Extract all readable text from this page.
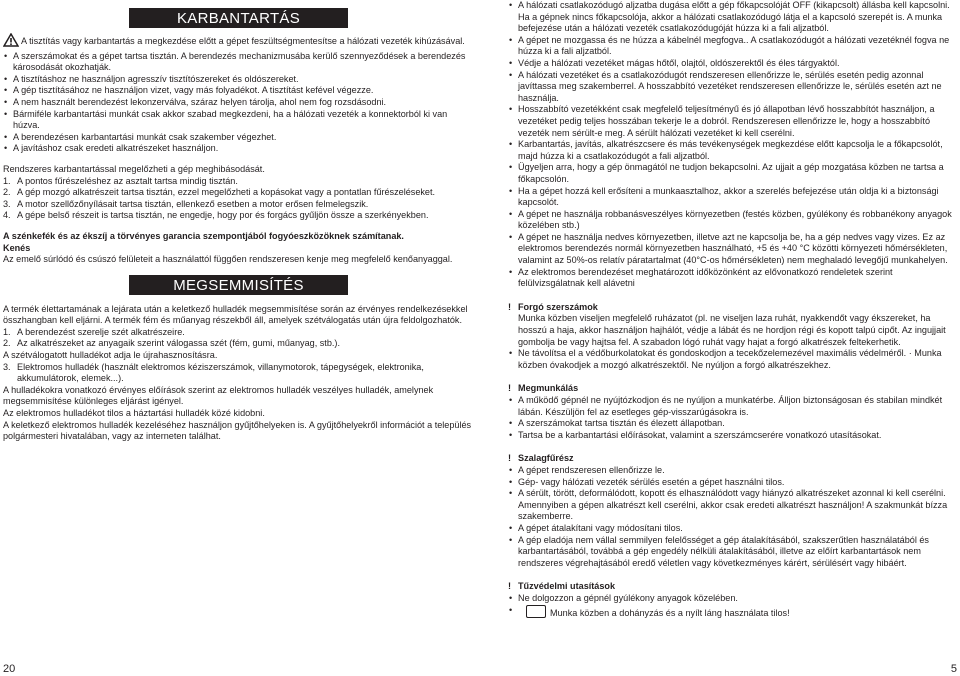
KARBANTARTÁS
A tisztítás vagy karbantartás a megkezdése előtt a gépet feszültségmentesítse a hálózati vezeték kihúzásával.
• A szerszámokat és a gépet tartsa tisztán. A berendezés mechanizmusába kerülő szennyeződések a berendezés károsodását okozhatják.
• A tisztításhoz ne használjon agresszív tisztítószereket és oldószereket.
• A gép tisztításához ne használjon vizet, vagy más folyadékot. A tisztítást kefével végezze.
• A nem használt berendezést lekonzerválva, száraz helyen tárolja, ahol nem fog rozsdásodni.
• Bármiféle karbantartási munkát csak akkor szabad megkezdeni, ha a hálózati vezeték a konnektorból ki van húzva.
• A berendezésen karbantartási munkát csak szakember végezhet.
• A javításhoz csak eredeti alkatrészeket használjon.

Rendszeres karbantartással megelőzheti a gép meghibásodását.

1. A pontos fűrészeléshez az asztalt tartsa mindig tisztán.
2. A gép mozgó alkatrészeit tartsa tisztán, ezzel megelőzheti a kopásokat vagy a pontatlan fűrészeléseket.
3. A motor szellőzőnyílásait tartsa tisztán, ellenkező esetben a motor erősen felmelegszik.
4. A gépe belső részeit is tartsa tisztán, ne engedje, hogy por és forgács gyűljön össze a szerkényekben.

A szénkefék és az ékszíj a törvényes garancia szempontjából fogyóeszközöknek számítanak.

Kenés

Az emelő súrlódó és csúszó felületeit a használattól függően rendszeresen kenje meg megfelelő kenőanyaggal.

MEGSEMMISÍTÉS

A termék élettartamának a lejárata után a keletkező hulladék megsemmisítése során az érvényes rendelkezésekkel összhangban kell eljárni. A termék fém és műanyag részekből áll, amelyek szétválogatás után újra feldolgozhatók.

1. A berendezést szerelje szét alkatrészeire.
2. Az alkatrészeket az anyagaik szerint válogassa szét (fém, gumi, műanyag, stb.).

A szétválogatott hulladékot adja le újrahasznosításra.

3. Elektromos hulladék (használt elektromos kéziszerszámok, villanymotorok, tápegységek, elektronika, akkumulátorok, elemek...).

A hulladékokra vonatkozó érvényes előírások szerint az elektromos hulladék veszélyes hulladék, amelynek megsemmisítése különleges eljárást igényel.

Az elektromos hulladékot tilos a háztartási hulladék közé kidobni.

A keletkező elektromos hulladék kezeléséhez használjon gyűjtőhelyeken is. A gyűjtőhelyekről információt a település polgármesteri hivatalában, vagy az interneten találhat.

20
• A hálózati csatlakozódugó aljzatba dugása előtt a gép főkapcsolóját OFF (kikapcsolt) állásba kell kapcsolni. Ha a gépnek nincs főkapcsolója, akkor a hálózati csatlakozódugó látja el a kapcsoló szerepét is. A munka befejezése után a hálózati vezeték csatlakozódugóját húzza ki a fali aljzatból.
• A gépet ne mozgassa és ne húzza a kábelnél megfogva.. A csatlakozódugót a hálózati vezetéknél fogva ne húzza ki a fali aljzatból.
• Védje a hálózati vezetéket mágas hőtől, olajtól, oldószerektől és éles tárgyaktól.
• A hálózati vezetéket és a csatlakozódugót rendszeresen ellenőrizze le, sérülés esetén pedig azonnal javíttassa meg szakemberrel. A hosszabbító vezetéket rendszeresen ellenőrizze le, sérülés esetén azt ne használja.
• Hosszabbító vezetékként csak megfelelő teljesítményű és jó állapotban lévő hosszabbítót használjon, a vezetéket pedig teljes hosszában tekerje le a dobról. Rendszeresen ellenőrizze le, hogy a hosszabbító vezeték nem sérült-e meg. A sérült hálózati vezetéket ki kell cserélni.
• Karbantartás, javítás, alkatrészcsere és más tevékenységek megkezdése előtt kapcsolja le a főkapcsolót, majd húzza ki a csatlakozódugót a fali aljzatból.
• Ügyeljen arra, hogy a gép önmagától ne tudjon bekapcsolni. Az ujjait a gép mozgatása közben ne tartsa a főkapcsolón.
• Ha a gépet hozzá kell erősíteni a munkaasztalhoz, akkor a szerelés befejezése után oldja ki a biztonsági kapcsolót.
• A gépet ne használja robbanásveszélyes környezetben (festés közben, gyúlékony és robbanékony anyagok közelében stb.)
• A gépet ne használja nedves környezetben, illetve azt ne kapcsolja be, ha a gép nedves vagy vizes. Ez az elektromos berendezés normál környezetben használható, +5 és +40 °C közötti környezeti hőmérsékleten, valamint az 50%-os relatív páratartalmat (40°C-os hőmérsékleten) nem meghaladó levegőjű munkahelyen.
• Az elektromos berendezéset meghatározott időközönként az elővonatkozó rendeletek szerint felülvizsgálatnak kell alávetni
! Forgó szerszámok

Munka közben viseljen megfelelő ruházatot (pl. ne viseljen laza ruhát, nyakkendőt vagy ékszereket, ha hosszú a haja, akkor használjon hajhálót, védje a lábát és ne hordjon régi és kopott talpú cipőt. Az ingujjait gombolja be vagy hajtsa fel. A szabadon lógó ruhát vagy hajat a forgó alkatrészek feltekerhetik.

• Ne távolítsa el a védőburkolatokat és gondoskodjon a tecekőzelemezével maximális védelméről. · Munka közben óvakodjek a mozgó alkatrészektől. Ne nyúljon a forgó alkatrészekhez.
! Megmunkálás
• A működő gépnél ne nyújtózkodjon és ne nyúljon a munkatérbe. Álljon biztonságosan és stabilan mindkét lábán. Készüljön fel az esetleges gép-visszarúgásokra is.
• A szerszámokat tartsa tisztán és élezett állapotban.
• Tartsa be a karbantartási előírásokat, valamint a szerszámcserére vonatkozó utasításokat.
! Szalagfűrész
• A gépet rendszeresen ellenőrizze le.
• Gép- vagy hálózati vezeték sérülés esetén a gépet használni tilos.
• A sérült, törött, deformálódott, kopott és elhasználódott vagy hiányzó alkatrészeket azonnal ki kell cserélni. Amennyiben a gépen alkatrészt kell cserélni, akkor csak eredeti alkatrészt használjon! A szakmunkát bízza szakemberre.
• A gépet átalakítani vagy módosítani tilos.
• A gép eladója nem vállal semmilyen felelősséget a gép átalakításából, szakszerűtlen használatából és karbantartásából, továbbá a gép engedély nélküli átalakításából, illetve az előírt karbantartások nem rendszeres végrehajtásából eredő véletlen vagy következményes kárért, sérülésért vagy hibáért.
! Tűzvédelmi utasítások
• Ne dolgozzon a gépnél gyúlékony anyagok közelében.
•	Munka közben a dohányzás és a nyílt láng használata tilos!
5
